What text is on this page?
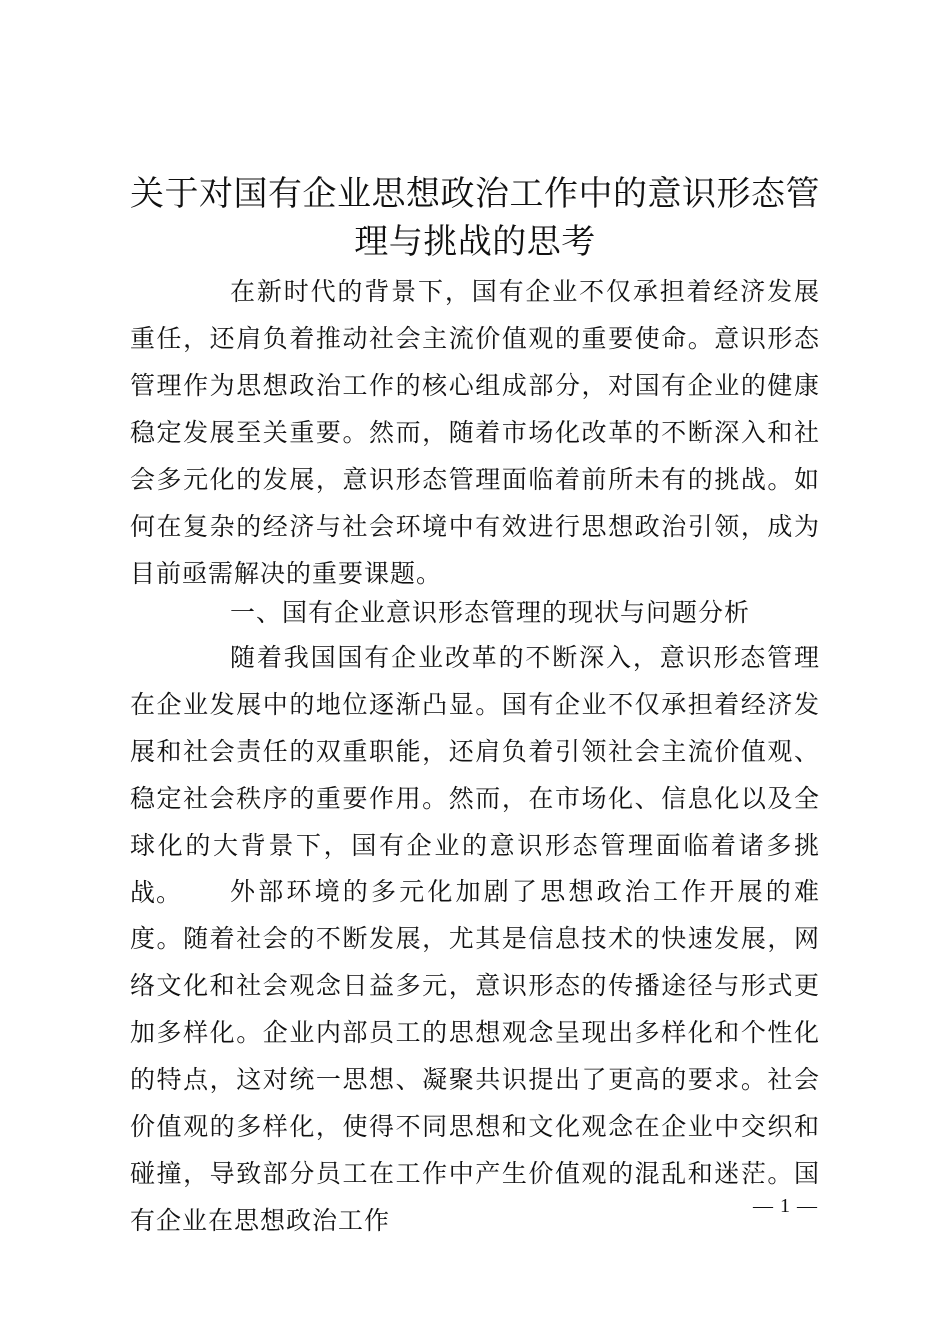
关于对国有企业思想政治工作中的意识形态管理与挑战的思考

在新时代的背景下，国有企业不仅承担着经济发展重任，还肩负着推动社会主流价值观的重要使命。意识形态管理作为思想政治工作的核心组成部分，对国有企业的健康稳定发展至关重要。然而，随着市场化改革的不断深入和社会多元化的发展，意识形态管理面临着前所未有的挑战。如何在复杂的经济与社会环境中有效进行思想政治引领，成为目前亟需解决的重要课题。

一、国有企业意识形态管理的现状与问题分析

随着我国国有企业改革的不断深入，意识形态管理在企业发展中的地位逐渐凸显。国有企业不仅承担着经济发展和社会责任的双重职能，还肩负着引领社会主流价值观、稳定社会秩序的重要作用。然而，在市场化、信息化以及全球化的大背景下，国有企业的意识形态管理面临着诸多挑战。	外部环境的多元化加剧了思想政治工作开展的难度。随着社会的不断发展，尤其是信息技术的快速发展，网络文化和社会观念日益多元，意识形态的传播途径与形式更加多样化。企业内部员工的思想观念呈现出多样化和个性化的特点，这对统一思想、凝聚共识提出了更高的要求。社会价值观的多样化，使得不同思想和文化观念在企业中交织和碰撞，导致部分员工在工作中产生价值观的混乱和迷茫。国有企业在思想政治工作	— 1 —
